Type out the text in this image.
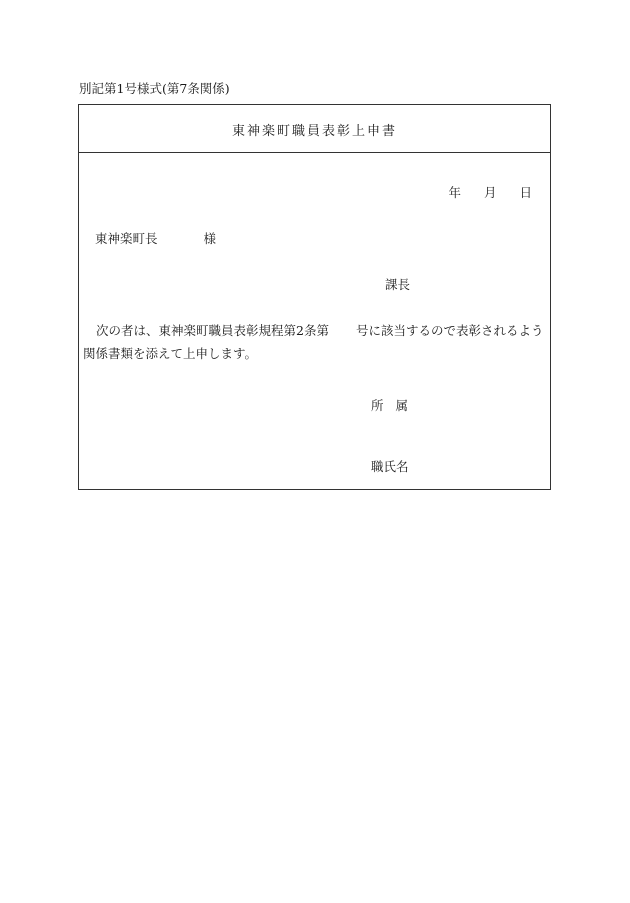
別記第1号様式(第7条関係)
東神楽町職員表彰上申書
年 月 日
東神楽町長	様
課長
次の者は、東神楽町職員表彰規程第2条第 号に該当するので表彰されるよう関係書類を添えて上申します。
所 属
職氏名
